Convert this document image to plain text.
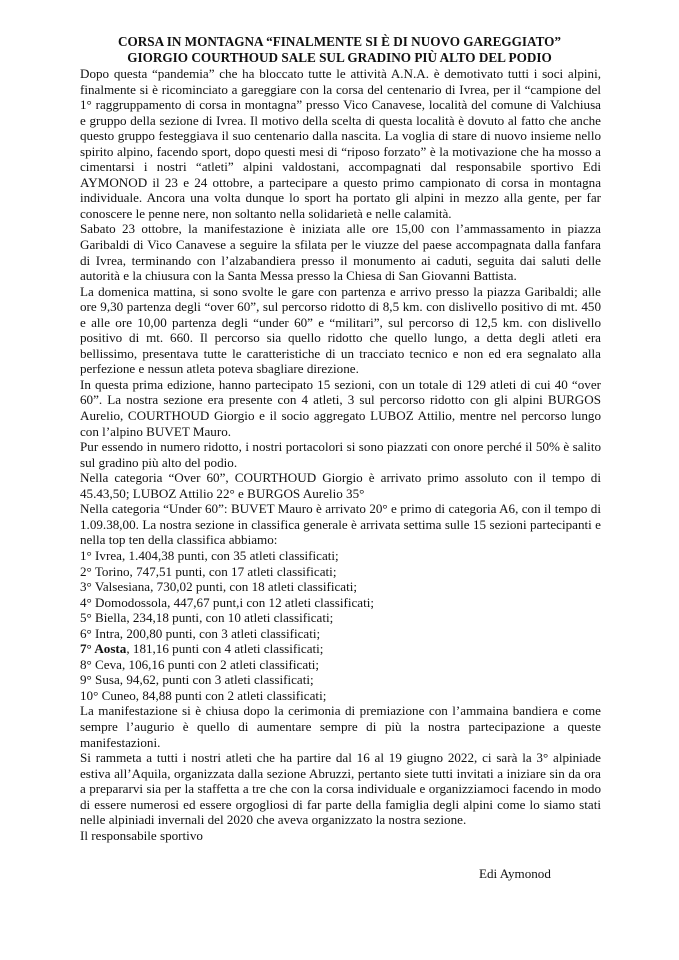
CORSA IN MONTAGNA “FINALMENTE SI È DI NUOVO GAREGGIATO”
GIORGIO COURTHOUD SALE SUL GRADINO PIÙ ALTO DEL PODIO

Dopo questa “pandemia” che ha bloccato tutte le attività A.N.A. è demotivato tutti i soci alpini, finalmente si è ricominciato a gareggiare con la corsa del centenario di Ivrea, per il “campione del 1° raggruppamento di corsa in montagna” presso Vico Canavese, località del comune di Valchiusa e gruppo della sezione di Ivrea. Il motivo della scelta di questa località è dovuto al fatto che anche questo gruppo festeggiava il suo centenario dalla nascita. La voglia di stare di nuovo insieme nello spirito alpino, facendo sport, dopo questi mesi di “riposo forzato” è la motivazione che ha mosso a cimentarsi i nostri “atleti” alpini valdostani, accompagnati dal responsabile sportivo Edi AYMONOD il 23 e 24 ottobre, a partecipare a questo primo campionato di corsa in montagna individuale. Ancora una volta dunque lo sport ha portato gli alpini in mezzo alla gente, per far conoscere le penne nere, non soltanto nella solidarietà e nelle calamità.

Sabato 23 ottobre, la manifestazione è iniziata alle ore 15,00 con l’ammassamento in piazza Garibaldi di Vico Canavese a seguire la sfilata per le viuzze del paese accompagnata dalla fanfara di Ivrea, terminando con l’alzabandiera presso il monumento ai caduti, seguita dai saluti delle autorità e la chiusura con la Santa Messa presso la Chiesa di San Giovanni Battista.

La domenica mattina, si sono svolte le gare con partenza e arrivo presso la piazza Garibaldi; alle ore 9,30 partenza degli “over 60”, sul percorso ridotto di 8,5 km. con dislivello positivo di mt. 450 e alle ore 10,00 partenza degli “under 60” e “militari”, sul percorso di 12,5 km. con dislivello positivo di mt. 660. Il percorso sia quello ridotto che quello lungo, a detta degli atleti era bellissimo, presentava tutte le caratteristiche di un tracciato tecnico e non ed era segnalato alla perfezione e nessun atleta poteva sbagliare direzione.

In questa prima edizione, hanno partecipato 15 sezioni, con un totale di 129 atleti di cui 40 “over 60”. La nostra sezione era presente con 4 atleti, 3 sul percorso ridotto con gli alpini BURGOS Aurelio, COURTHOUD Giorgio e il socio aggregato LUBOZ Attilio, mentre nel percorso lungo con l’alpino BUVET Mauro.

Pur essendo in numero ridotto, i nostri portacolori si sono piazzati con onore perché il 50% è salito sul gradino più alto del podio.

Nella categoria “Over 60”, COURTHOUD Giorgio è arrivato primo assoluto con il tempo di 45.43,50; LUBOZ Attilio 22° e BURGOS Aurelio 35°

Nella categoria “Under 60”: BUVET Mauro è arrivato 20° e primo di categoria A6, con il tempo di 1.09.38,00. La nostra sezione in classifica generale è arrivata settima sulle 15 sezioni partecipanti e nella top ten della classifica abbiamo:

1° Ivrea, 1.404,38 punti, con 35 atleti classificati;

2° Torino, 747,51 punti, con 17 atleti classificati;

3° Valsesiana, 730,02 punti, con 18 atleti classificati;

4° Domodossola, 447,67 punt,i con 12 atleti classificati;

5° Biella, 234,18 punti, con 10 atleti classificati;

6° Intra, 200,80 punti, con 3 atleti classificati;

7° Aosta, 181,16 punti con 4 atleti classificati;

8° Ceva, 106,16 punti con 2 atleti classificati;

9° Susa, 94,62, punti con 3 atleti classificati;

10° Cuneo, 84,88 punti con 2 atleti classificati;

La manifestazione si è chiusa dopo la cerimonia di premiazione con l’ammaina bandiera e come sempre l’augurio è quello di aumentare sempre di più la nostra partecipazione a queste manifestazioni.

Si rammeta a tutti i nostri atleti che ha partire dal 16 al 19 giugno 2022, ci sarà la 3° alpiniade estiva all’Aquila, organizzata dalla sezione Abruzzi, pertanto siete tutti invitati a iniziare sin da ora a prepararvi sia per la staffetta a tre che con la corsa individuale e organizziamoci facendo in modo di essere numerosi ed essere orgogliosi di far parte della famiglia degli alpini come lo siamo stati nelle alpiniadi invernali del 2020 che aveva organizzato la nostra sezione.

Il responsabile sportivo

Edi Aymonod
